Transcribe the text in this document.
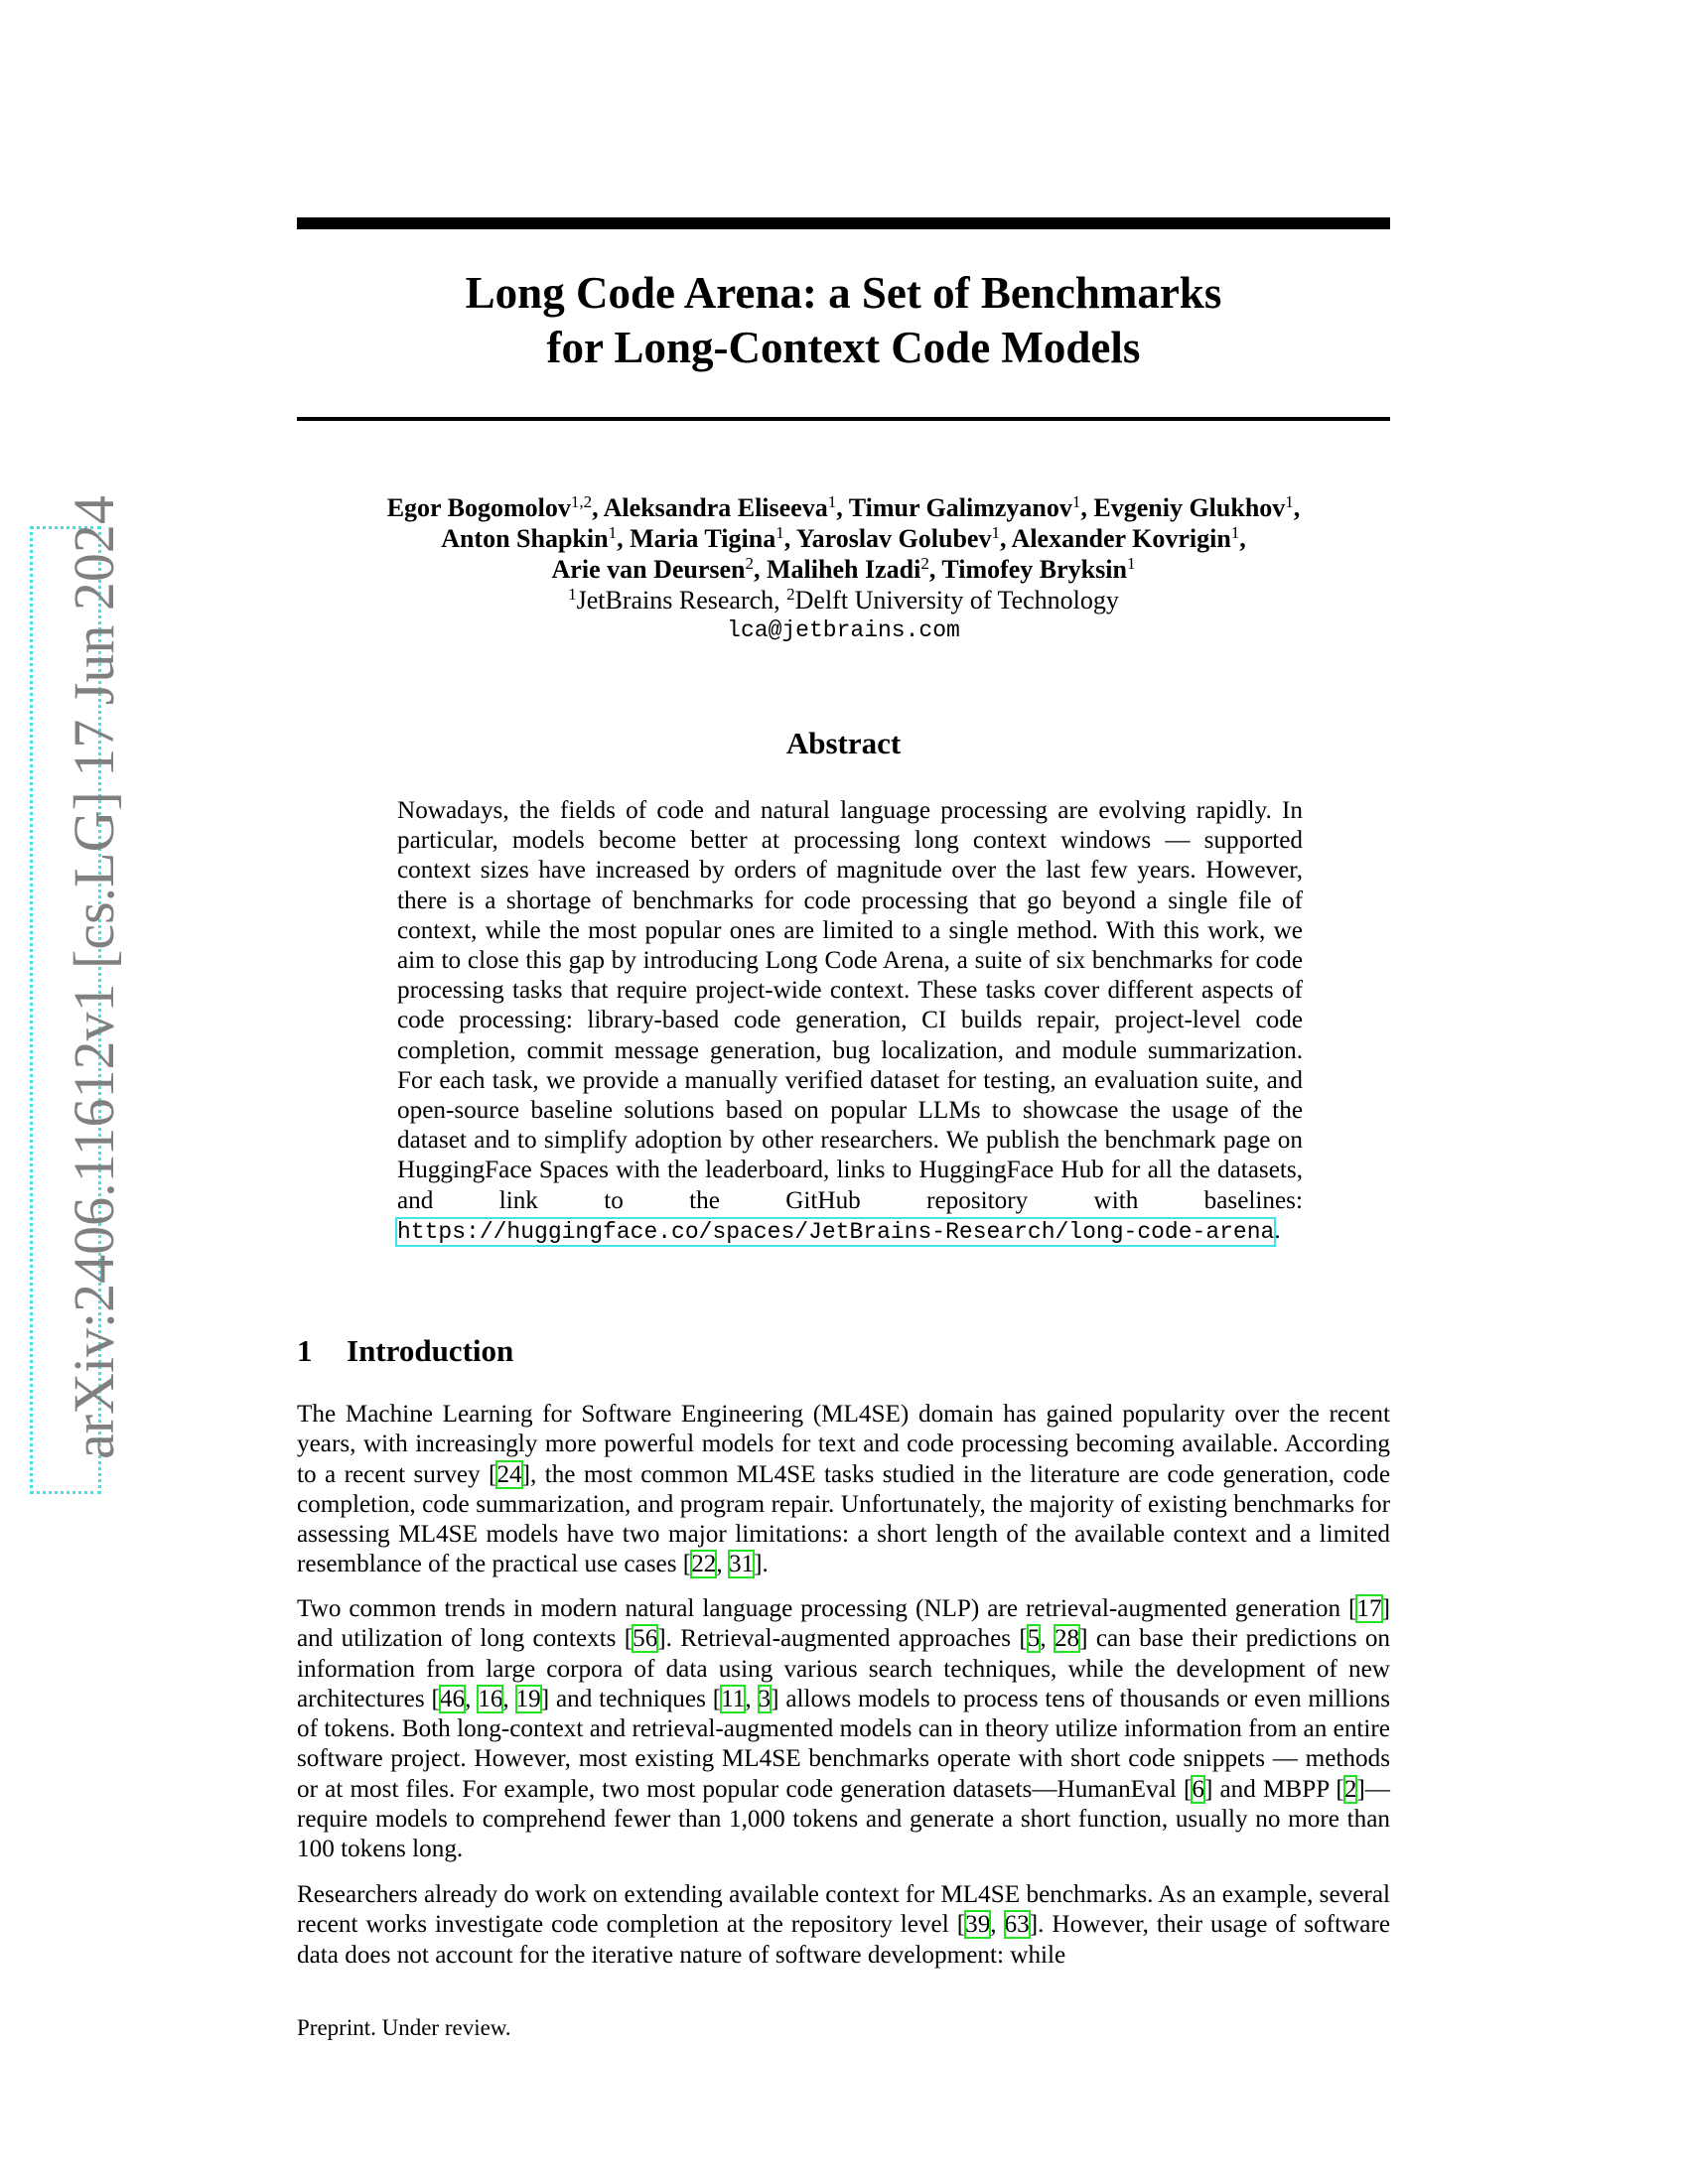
arXiv:2406.11612v1 [cs.LG] 17 Jun 2024
Long Code Arena: a Set of Benchmarks
for Long-Context Code Models
Egor Bogomolov$^{1,2}$, Aleksandra Eliseeva$^1$, Timur Galimzyanov$^1$, Evgeniy Glukhov$^1$,
Anton Shapkin$^1$, Maria Tigina$^1$, Yaroslav Golubev$^1$, Alexander Kovrigin$^1$,
Arie van Deursen$^2$, Maliheh Izadi$^2$, Timofey Bryksin$^1$
$^1$JetBrains Research, $^2$Delft University of Technology
lca@jetbrains.com
Abstract
Nowadays, the fields of code and natural language processing are evolving rapidly. In particular, models become better at processing long context windows — supported context sizes have increased by orders of magnitude over the last few years. However, there is a shortage of benchmarks for code processing that go beyond a single file of context, while the most popular ones are limited to a single method. With this work, we aim to close this gap by introducing Long Code Arena, a suite of six benchmarks for code processing tasks that require project-wide context. These tasks cover different aspects of code processing: library-based code generation, CI builds repair, project-level code completion, commit message generation, bug localization, and module summarization. For each task, we provide a manually verified dataset for testing, an evaluation suite, and open-source baseline solutions based on popular LLMs to showcase the usage of the dataset and to simplify adoption by other researchers. We publish the benchmark page on HuggingFace Spaces with the leaderboard, links to HuggingFace Hub for all the datasets, and link to the GitHub repository with baselines: https://huggingface.co/spaces/JetBrains-Research/long-code-arena.
1 Introduction
The Machine Learning for Software Engineering (ML4SE) domain has gained popularity over the recent years, with increasingly more powerful models for text and code processing becoming available. According to a recent survey [24], the most common ML4SE tasks studied in the literature are code generation, code completion, code summarization, and program repair. Unfortunately, the majority of existing benchmarks for assessing ML4SE models have two major limitations: a short length of the available context and a limited resemblance of the practical use cases [22, 31].
Two common trends in modern natural language processing (NLP) are retrieval-augmented generation [17] and utilization of long contexts [56]. Retrieval-augmented approaches [5, 28] can base their predictions on information from large corpora of data using various search techniques, while the development of new architectures [46, 16, 19] and techniques [11, 3] allows models to process tens of thousands or even millions of tokens. Both long-context and retrieval-augmented models can in theory utilize information from an entire software project. However, most existing ML4SE benchmarks operate with short code snippets — methods or at most files. For example, two most popular code generation datasets—HumanEval [6] and MBPP [2]—require models to comprehend fewer than 1,000 tokens and generate a short function, usually no more than 100 tokens long.
Researchers already do work on extending available context for ML4SE benchmarks. As an example, several recent works investigate code completion at the repository level [39, 63]. However, their usage of software data does not account for the iterative nature of software development: while
Preprint. Under review.
